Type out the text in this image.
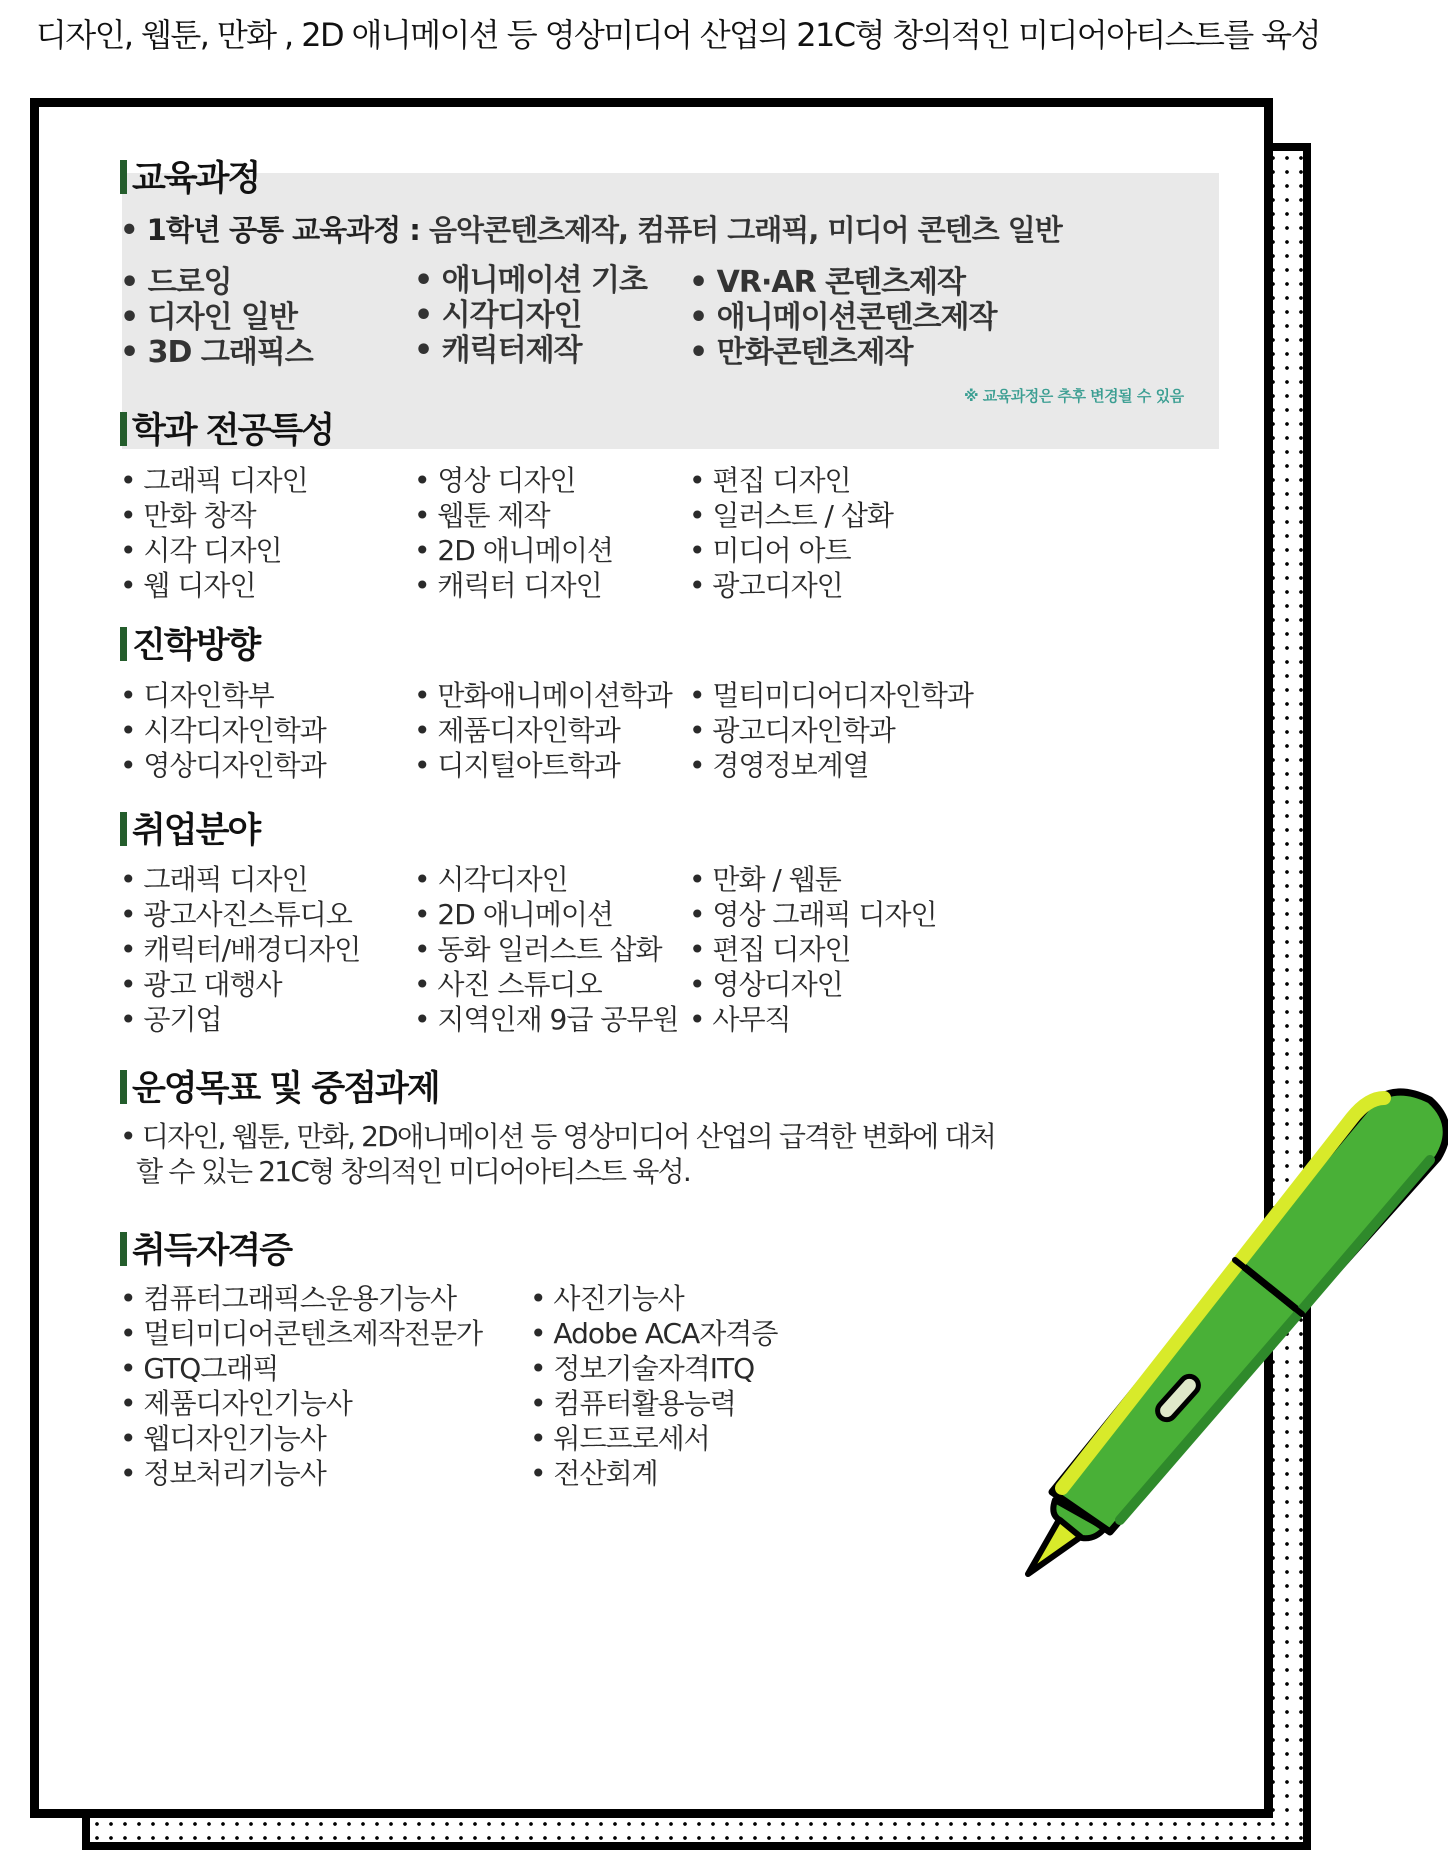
디자인, 웹툰, 만화 , 2D 애니메이션 등 영상미디어 산업의 21C형 창의적인 미디어아티스트를 육성
교육과정
• 1학년 공통 교육과정 : 음악콘텐츠제작, 컴퓨터 그래픽, 미디어 콘텐츠 일반
• 드로잉
• 디자인 일반
• 3D 그래픽스
• 애니메이션 기초
• 시각디자인
• 캐릭터제작
• VR·AR 콘텐츠제작
• 애니메이션콘텐츠제작
• 만화콘텐츠제작
※ 교육과정은 추후 변경될 수 있음
학과 전공특성
• 그래픽 디자인
• 만화 창작
• 시각 디자인
• 웹 디자인
• 영상 디자인
• 웹툰 제작
• 2D 애니메이션
• 캐릭터 디자인
• 편집 디자인
• 일러스트 / 삽화
• 미디어 아트
• 광고디자인
진학방향
• 디자인학부
• 시각디자인학과
• 영상디자인학과
• 만화애니메이션학과
• 제품디자인학과
• 디지털아트학과
• 멀티미디어디자인학과
• 광고디자인학과
• 경영정보계열
취업분야
• 그래픽 디자인
• 광고사진스튜디오
• 캐릭터/배경디자인
• 광고 대행사
• 공기업
• 시각디자인
• 2D 애니메이션
• 동화 일러스트 삽화
• 사진 스튜디오
• 지역인재 9급 공무원
• 만화 / 웹툰
• 영상 그래픽 디자인
• 편집 디자인
• 영상디자인
• 사무직
운영목표 및 중점과제
• 디자인, 웹툰, 만화, 2D애니메이션 등 영상미디어 산업의 급격한 변화에 대처
할 수 있는 21C형 창의적인 미디어아티스트 육성.
취득자격증
• 컴퓨터그래픽스운용기능사
• 멀티미디어콘텐츠제작전문가
• GTQ그래픽
• 제품디자인기능사
• 웹디자인기능사
• 정보처리기능사
• 사진기능사
• Adobe ACA자격증
• 정보기술자격ITQ
• 컴퓨터활용능력
• 워드프로세서
• 전산회계
